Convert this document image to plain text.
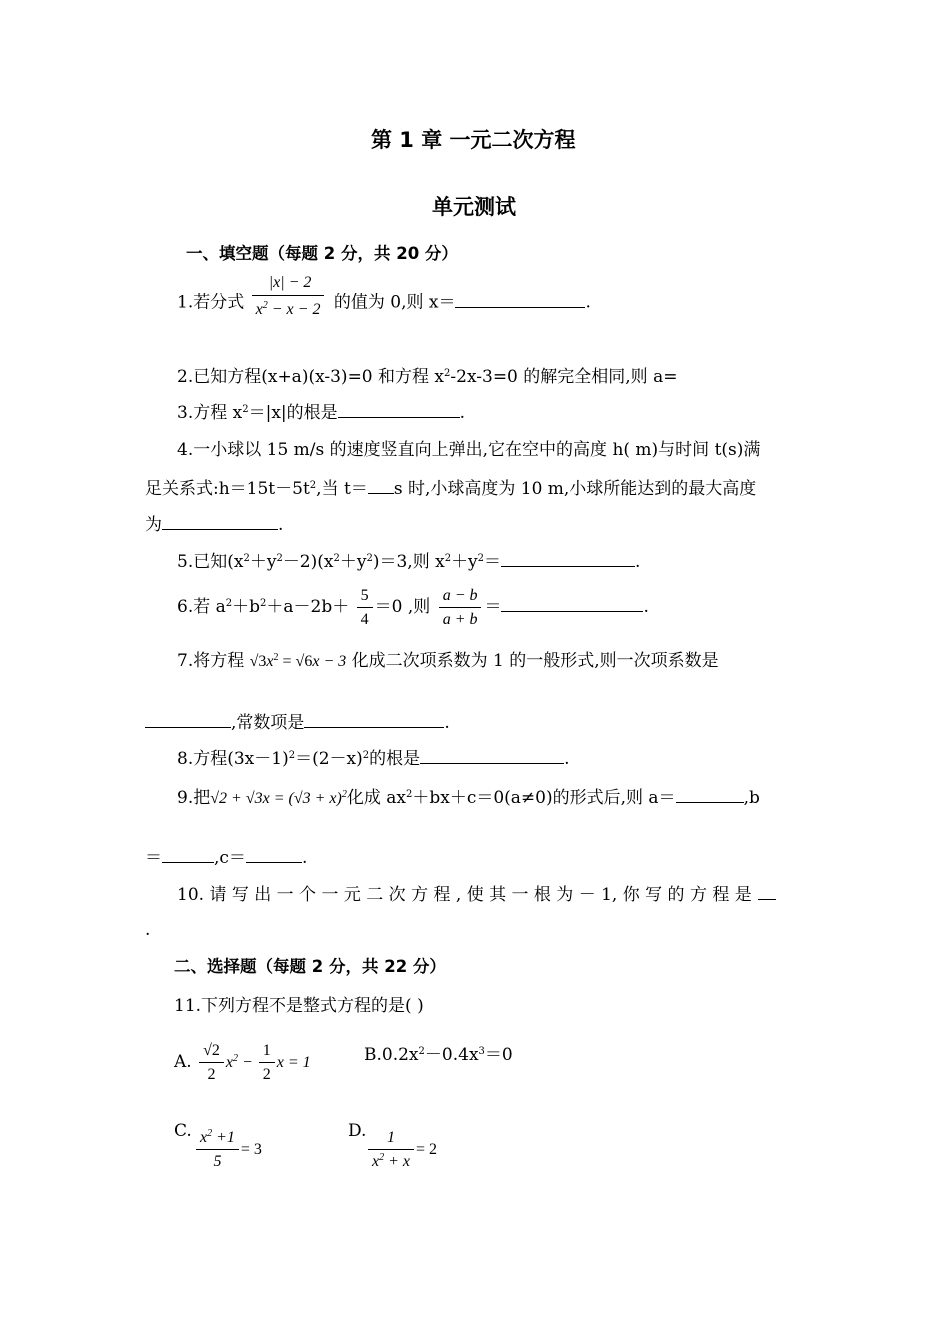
第 1 章 一元二次方程
单元测试
一、填空题（每题 2 分，共 20 分）
1.若分式 $\frac{|x| - 2}{x^2 - x - 2}$ 的值为 0,则 x＝	.
2.已知方程(x+a)(x-3)=0 和方程 $x^2-2x-3=0$ 的解完全相同,则 a=
3.方程 $x^2=|x|$的根是	.
4.一小球以 15 m/s 的速度竖直向上弹出,它在空中的高度 h( m)与时间 t(s)满
足关系式$:h=15t-5t^2$,当 t＝ s 时,小球高度为 10 m,小球所能达到的最大高度
为	.
5.已知$(x^2+y^2-2)(x^2+y^2)=3$,则 $x^2+y^2=$	.
6.若 $a^2+b^2+a-2b+ \frac{5}{4} =0$ ,则 $\frac{a - b}{a + b}$ ＝	.
7.将方程 $√3x^2 = √6x - 3$ 化成二次项系数为 1 的一般形式,则一次项系数是
,常数项是	.
8.方程$(3x-1)^2=(2-x)^2$的根是	.
9.把$√2 + √3x = (√3 + x)^2$化成 $ax^2+bx+c=0(a\ne 0)$的形式后,则 a＝	,b
＝	,c＝	.
10. 请 写 出 一 个 一 元 二 次 方 程 , 使 其 一 根 为 － 1, 你 写 的 方 程 是
.
二、选择题（每题 2 分，共 22 分）
11.下列方程不是整式方程的是( )
A. $\frac{√2}{2} x^2 - \frac{1}{2}$ x = 1	$B.0.2x^2-0.4x^3=0$
C. $\frac{x^2 +1}{5} = 3$
D. $\frac{1}{x^2 + x} = 2$
